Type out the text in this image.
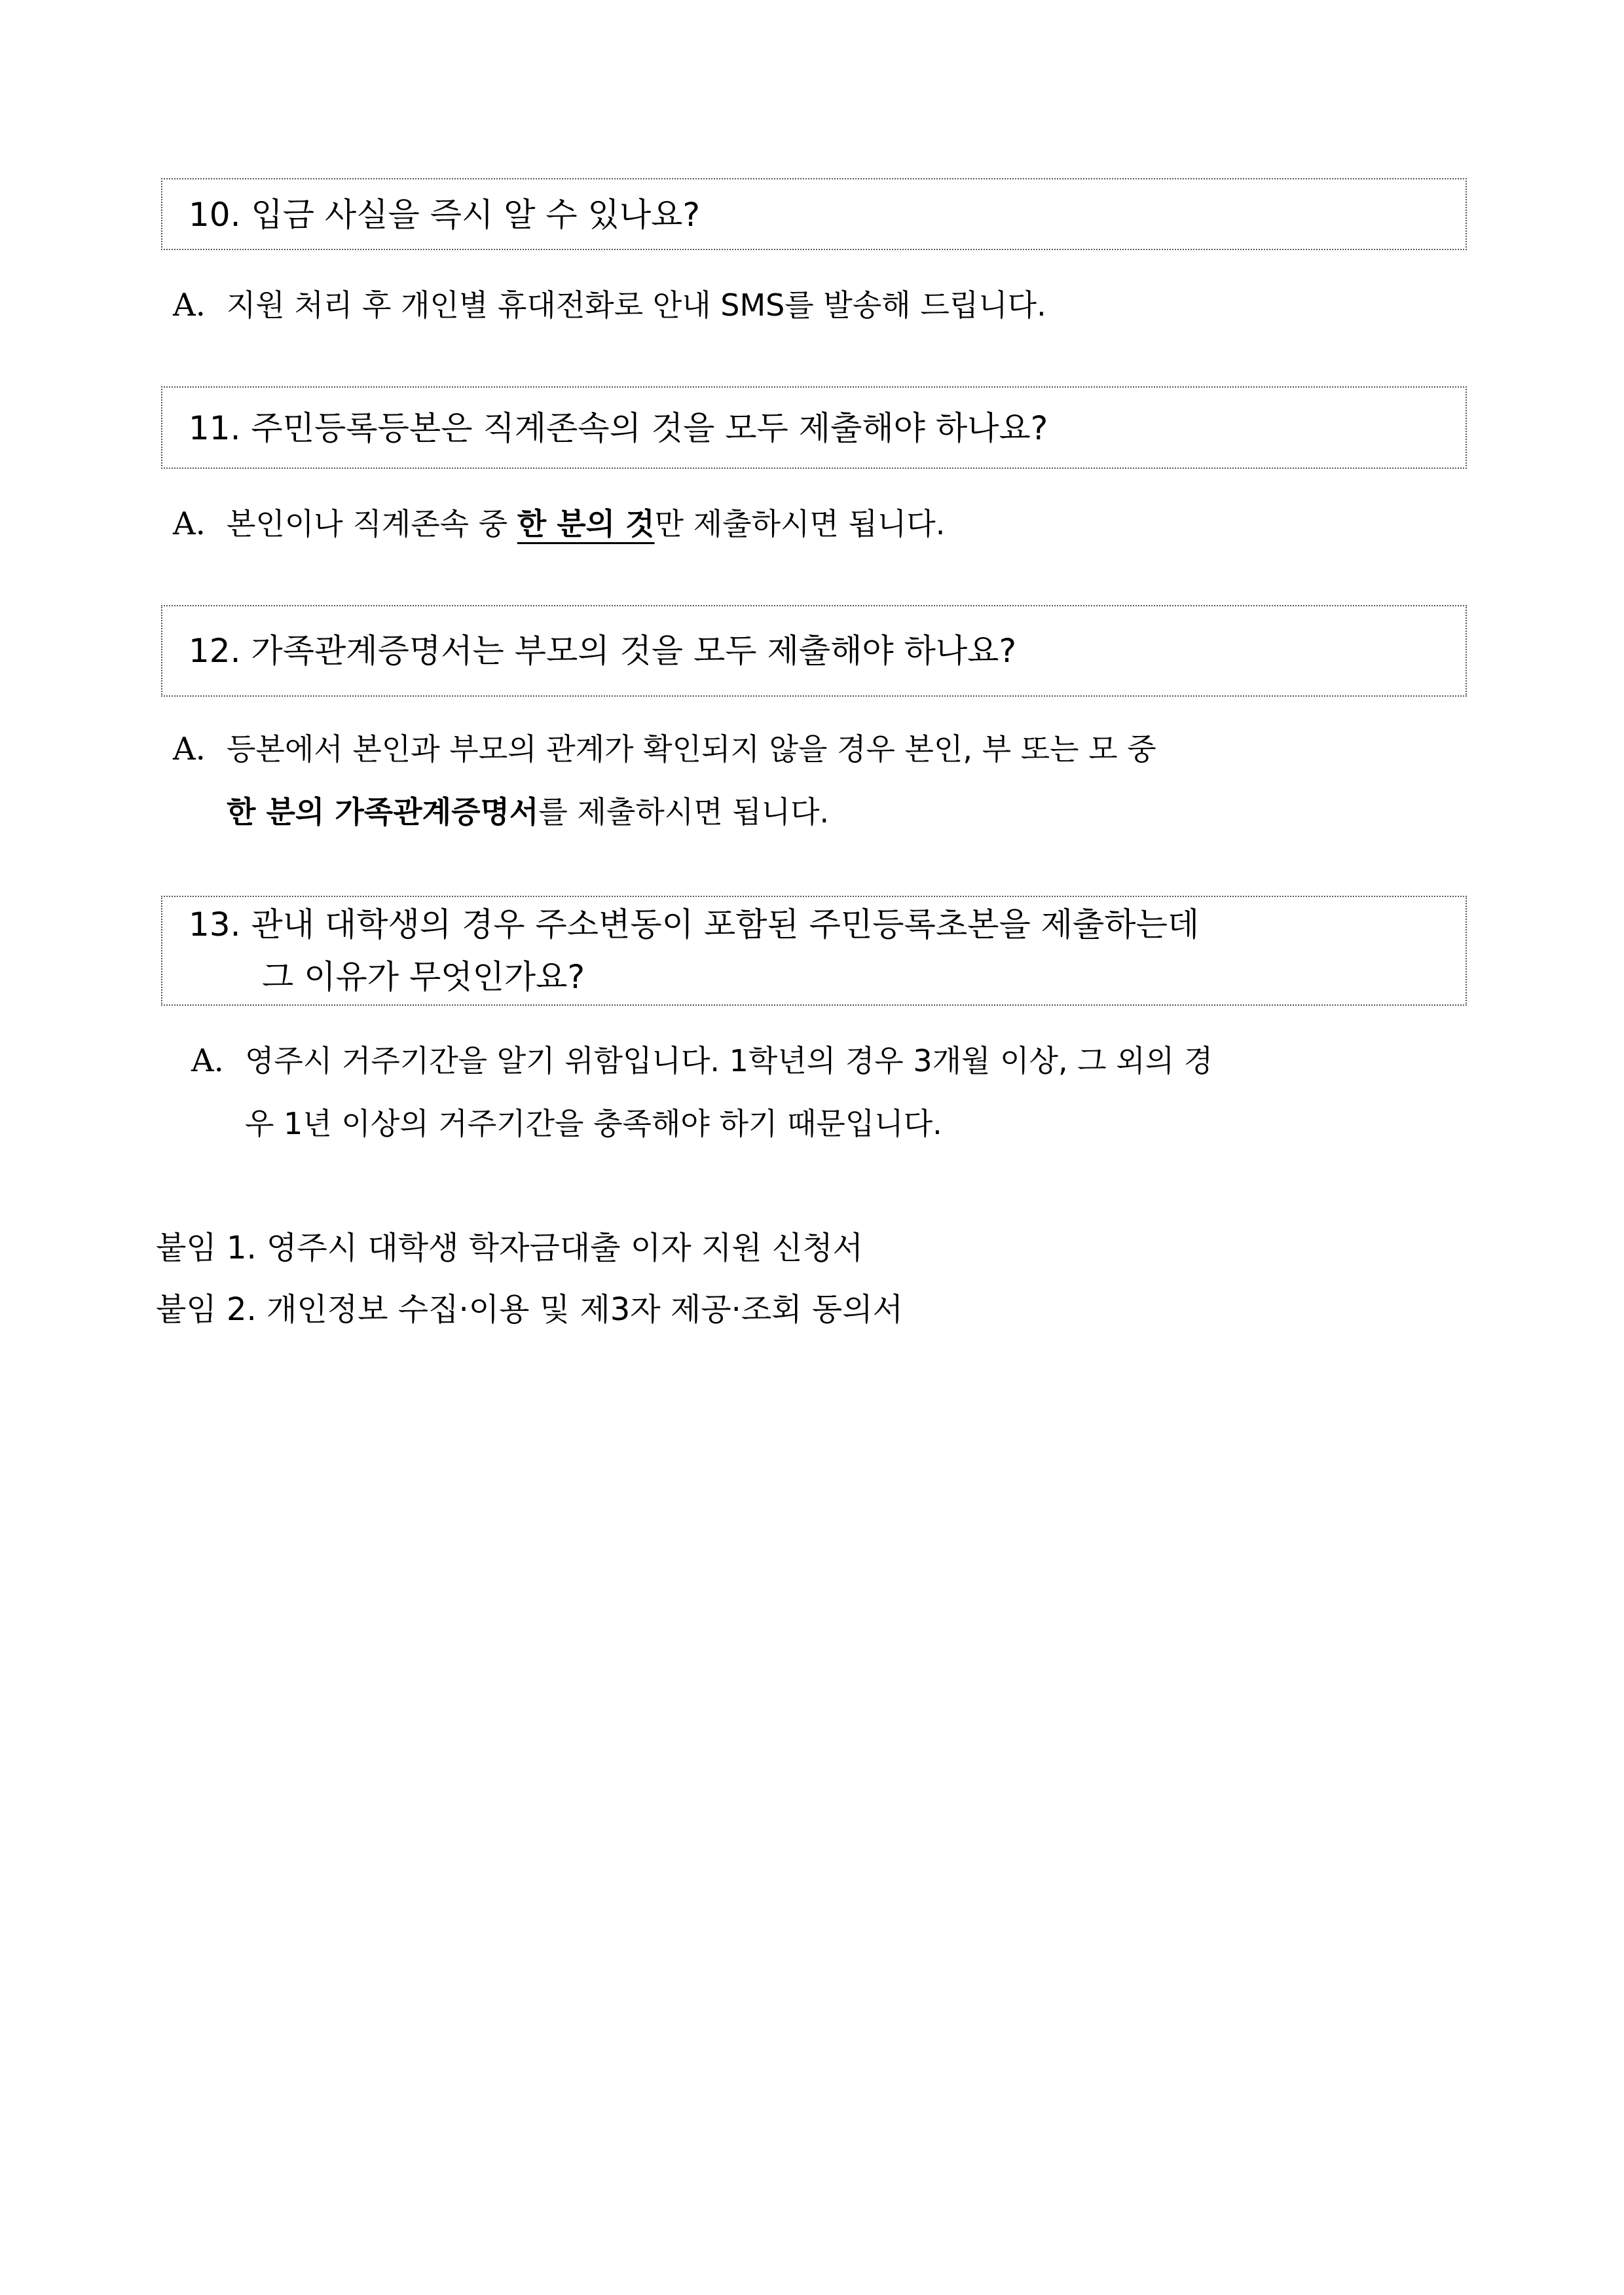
10. 입금 사실을 즉시 알 수 있나요?
A. 지원 처리 후 개인별 휴대전화로 안내 SMS를 발송해 드립니다.
11. 주민등록등본은 직계존속의 것을 모두 제출해야 하나요?
A. 본인이나 직계존속 중 한 분의 것만 제출하시면 됩니다.
12. 가족관계증명서는 부모의 것을 모두 제출해야 하나요?
A. 등본에서 본인과 부모의 관계가 확인되지 않을 경우 본인, 부 또는 모 중
한 분의 가족관계증명서를 제출하시면 됩니다.
13. 관내 대학생의 경우 주소변동이 포함된 주민등록초본을 제출하는데
그 이유가 무엇인가요?
A. 영주시 거주기간을 알기 위함입니다. 1학년의 경우 3개월 이상, 그 외의 경
우 1년 이상의 거주기간을 충족해야 하기 때문입니다.
붙임 1. 영주시 대학생 학자금대출 이자 지원 신청서
붙임 2. 개인정보 수집·이용 및 제3자 제공·조회 동의서
